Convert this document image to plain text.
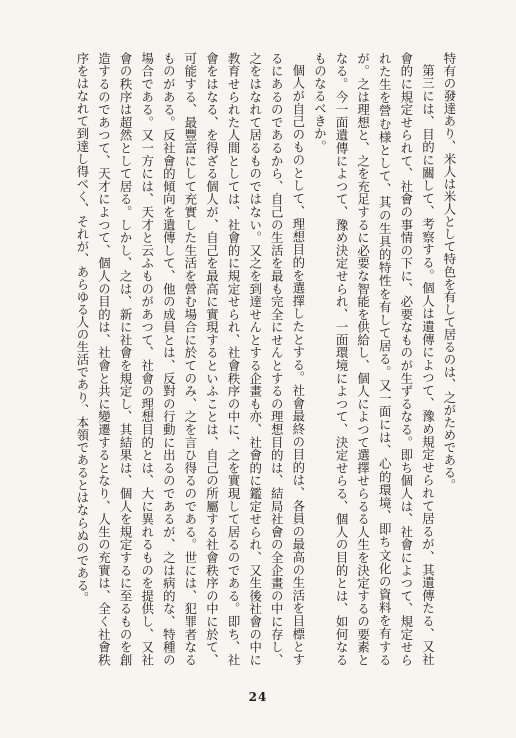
特有の發達あり、米人は米人として特色を有して居るのは、之がためである。

第三には、目的に關して、考察する。個人は遺傳によつて、豫め規定せられて居るが、其遺傳たる、又社會的に規定せられて、社會の事情の下に、必要なものが生ずるなる。即ち個人は、社會によつて、規定せられた生を營む様として、其の生具的特性を有して居る。又一面には、心的環境、即ち文化の資料を有するが。之は理想と、之を充足するに必要な智能を供給し、個人によつて選擇せらるる人生を決定するの要素となる。今一面遺傳によつて、豫め決定せられ、一面環境によつて、決定せらる、個人の目的とは、如何なるものなるべきか。

個人が自己のものとして、理想目的を選擇したとする。社會最終の目的は、各員の最高の生活を目標とするにあるのであるから、自己の生活を最も完全にせんとするの理想目的は、結局社會の全企畫の中に存し、之をはなれて居るものではない。又之を到達せんとする企畫も亦、社會的に鑑定せられ、又生後社會の中に教育せられた人間としては、社會的に規定せられ、社會秩序の中に、之を實現して居るのである。即ち、社會をはなる、を得ざる個人が、自己を最高に實現するといふことは、自己の所屬する社會秩序の中に於て、可能する、最豐富にして充實した生活を營む場合に於てのみ、之を言ひ得るのである。世には、犯罪者なるものがある。反社會的傾向を遺傳して、他の成員とは、反對の行動に出るのであるが、之は病的な、特種の場合である。又一方には、天才と云ふものがあつて、社會の理想目的とは、大に異れるものを提供し、又社會の秩序は超然として居る。しかし、之は、新に社會を規定し、其結果は、個人を規定するに至るものを創造するのであつて、天才によつて、個人の目的は、社會と共に變遷するとなり、人生の充實は、全く社會秩序をはなれて到達し得べく、それが、あらゆる人の生活であり、本領であるとはならぬのである。

24
